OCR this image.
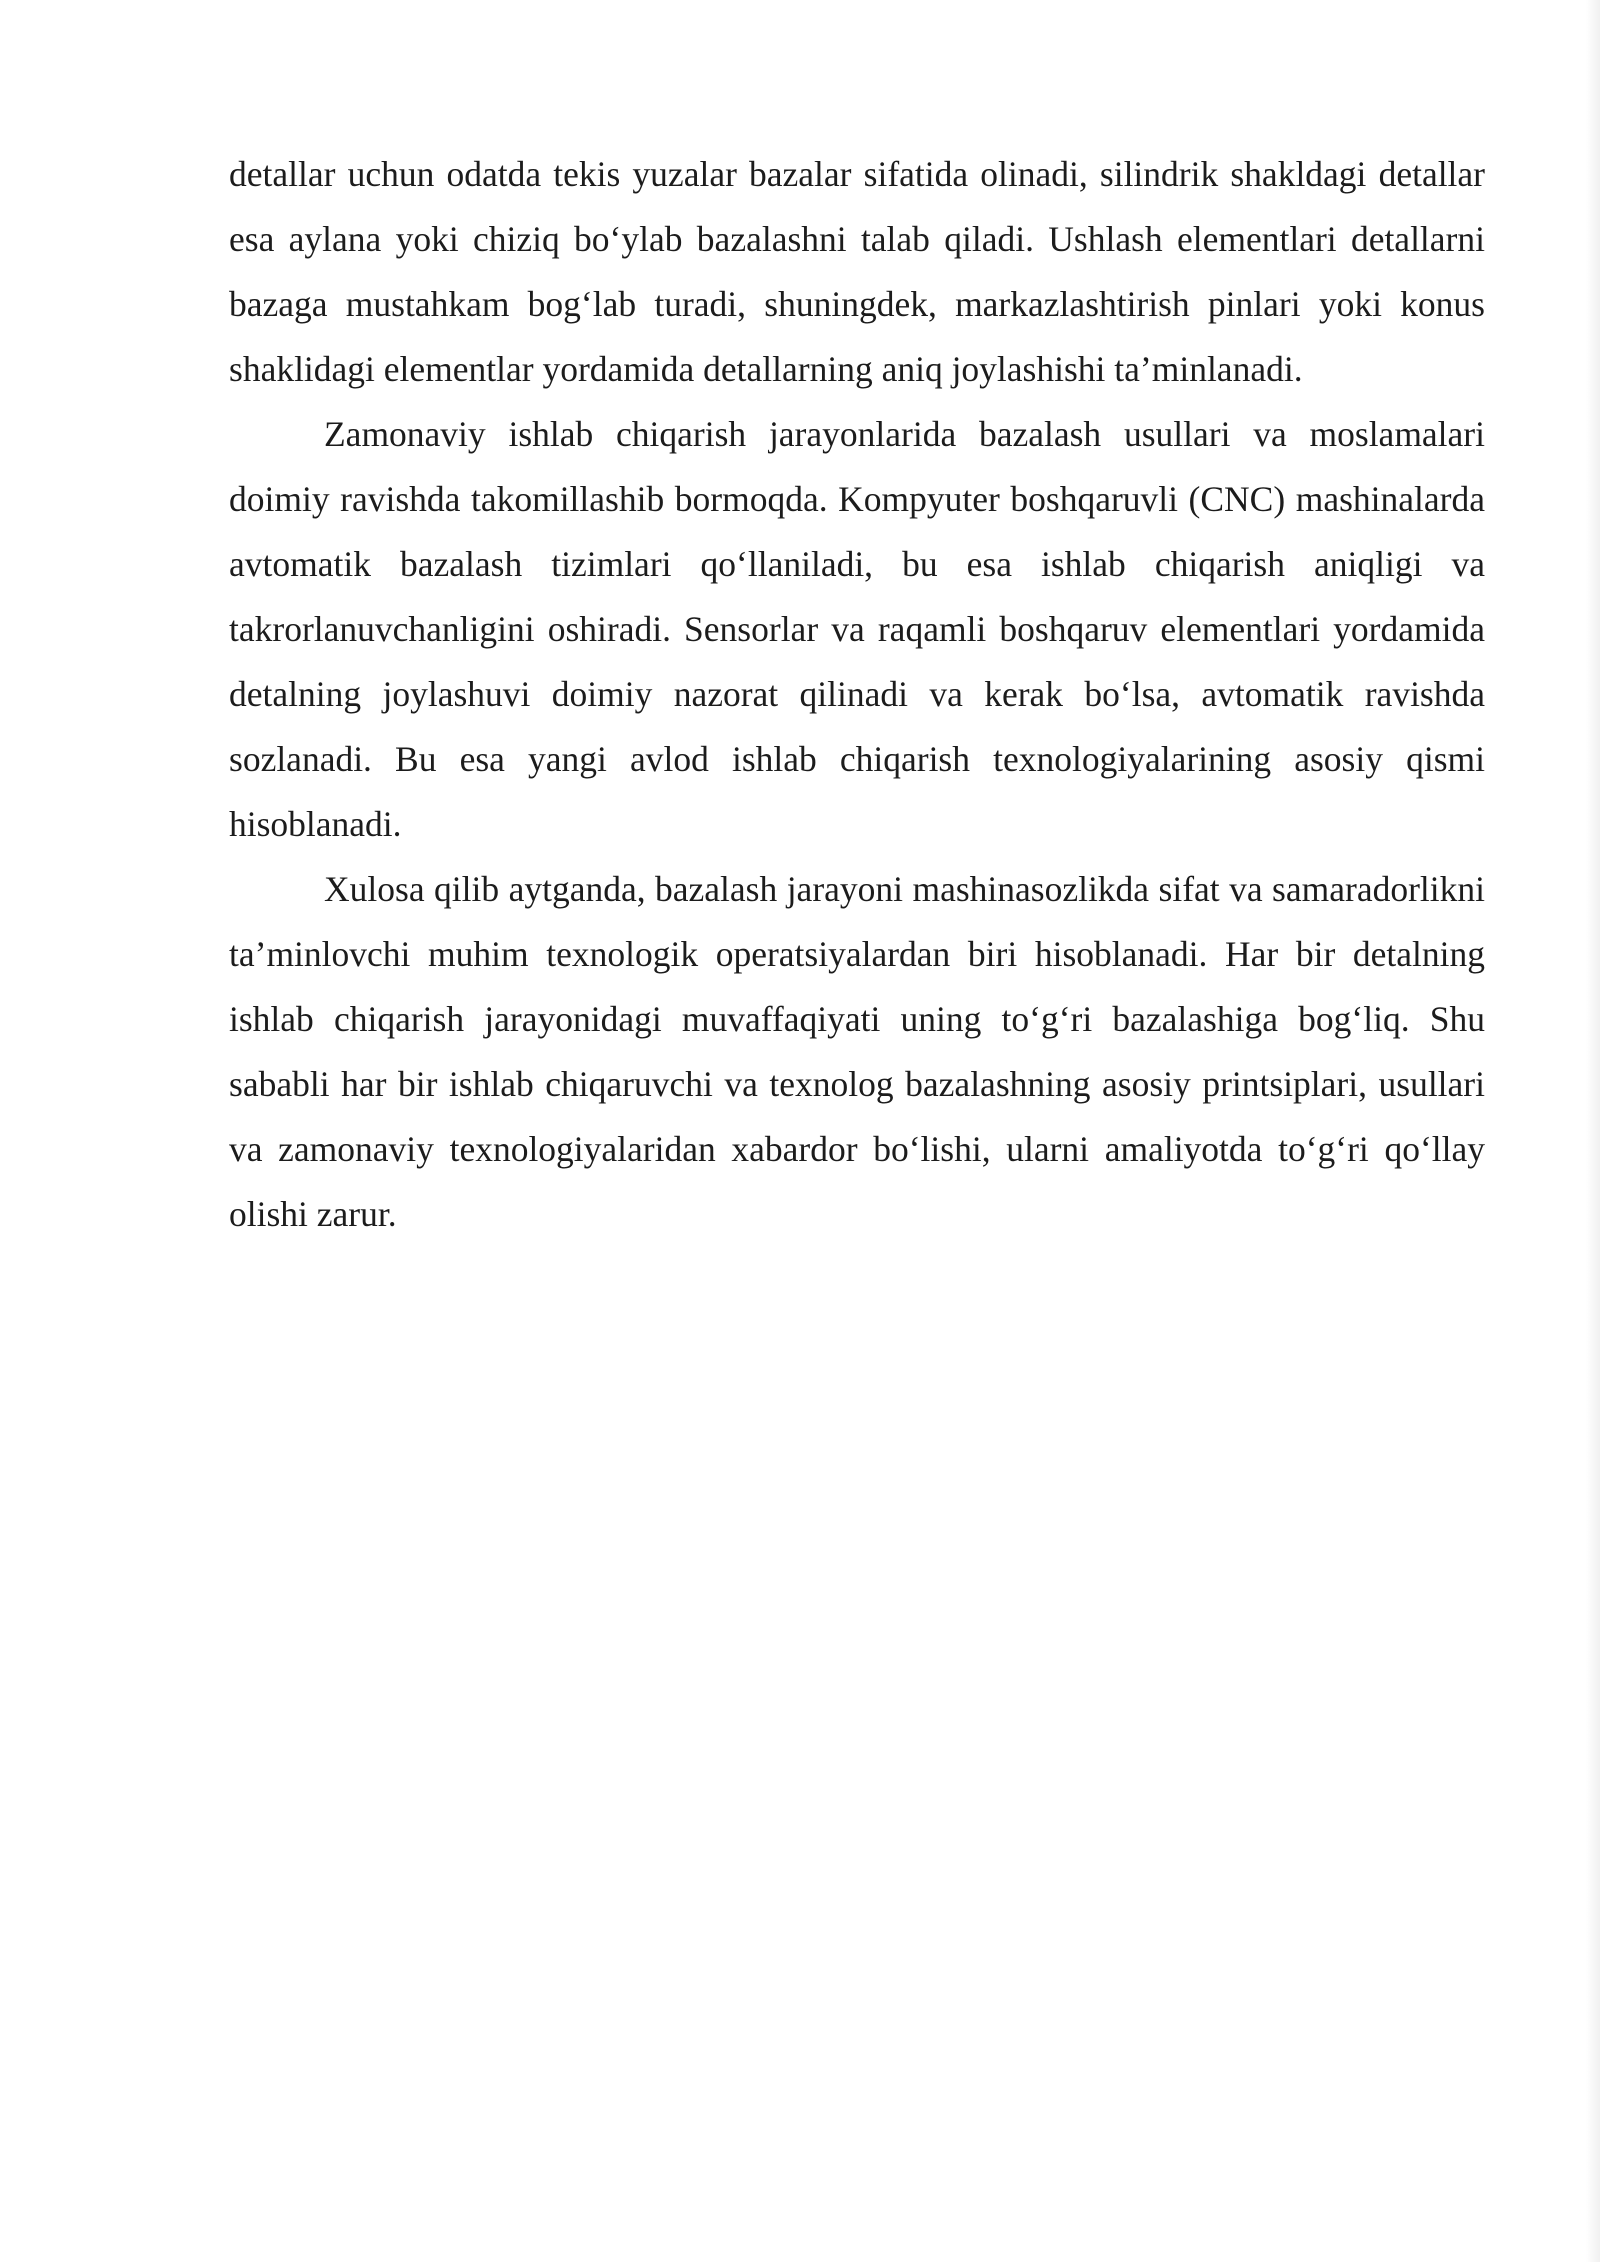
detallar uchun odatda tekis yuzalar bazalar sifatida olinadi, silindrik shakldagi detallar esa aylana yoki chiziq bo‘ylab bazalashni talab qiladi. Ushlash elementlari detallarni bazaga mustahkam bog‘lab turadi, shuningdek, markazlashtirish pinlari yoki konus shaklidagi elementlar yordamida detallarning aniq joylashishi ta’minlanadi.

Zamonaviy ishlab chiqarish jarayonlarida bazalash usullari va moslamalari doimiy ravishda takomillashib bormoqda. Kompyuter boshqaruvli (CNC) mashinalarda avtomatik bazalash tizimlari qo‘llaniladi, bu esa ishlab chiqarish aniqligi va takrorlanuvchanligini oshiradi. Sensorlar va raqamli boshqaruv elementlari yordamida detalning joylashuvi doimiy nazorat qilinadi va kerak bo‘lsa, avtomatik ravishda sozlanadi. Bu esa yangi avlod ishlab chiqarish texnologiyalarining asosiy qismi hisoblanadi.

Xulosa qilib aytganda, bazalash jarayoni mashinasozlikda sifat va samaradorlikni ta’minlovchi muhim texnologik operatsiyalardan biri hisoblanadi. Har bir detalning ishlab chiqarish jarayonidagi muvaffaqiyati uning to‘g‘ri bazalashiga bog‘liq. Shu sababli har bir ishlab chiqaruvchi va texnolog bazalashning asosiy printsiplari, usullari va zamonaviy texnologiyalaridan xabardor bo‘lishi, ularni amaliyotda to‘g‘ri qo‘llay olishi zarur.
